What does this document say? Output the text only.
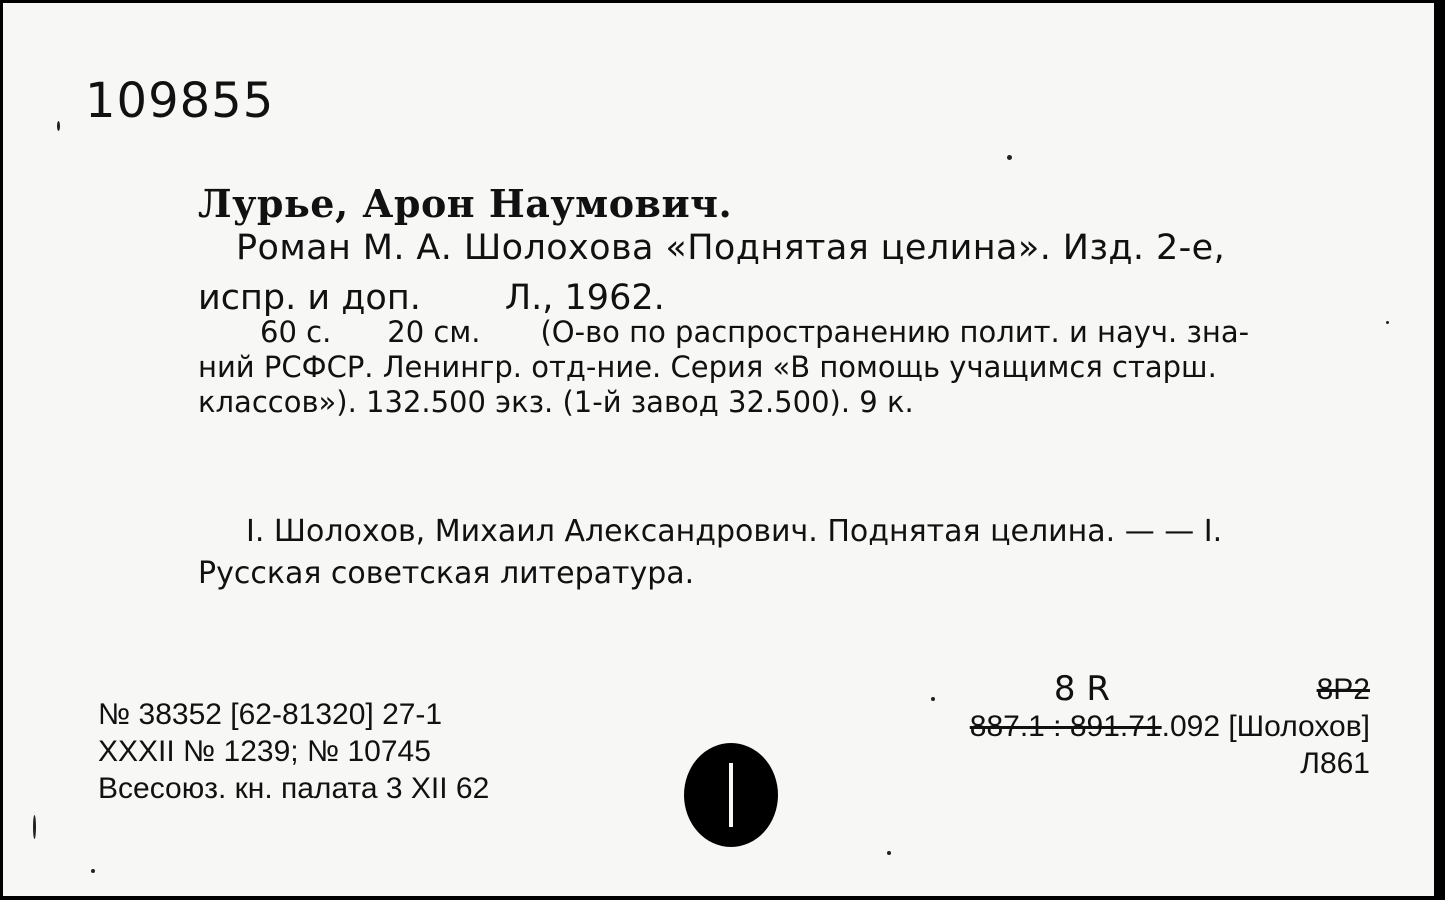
109855
Лурье, Арон Наумович.
Роман М. А. Шолохова «Поднятая целина». Изд. 2-е,
испр. и доп. Л., 1962.
60 с. 20 см. (О-во по распространению полит. и науч. зна-
ний РСФСР. Ленингр. отд-ние. Серия «В помощь учащимся старш.
классов»). 132.500 экз. (1-й завод 32.500). 9 к.
I. Шолохов, Михаил Александрович. Поднятая целина. — — I.
Русская советская литература.
№ 38352 [62-81320] 27-1
XXXII № 1239; № 10745
Всесоюз. кн. палата 3 XII 62
8 R	8Р2
887.1 : 891.71.092 [Шолохов]
Л861
